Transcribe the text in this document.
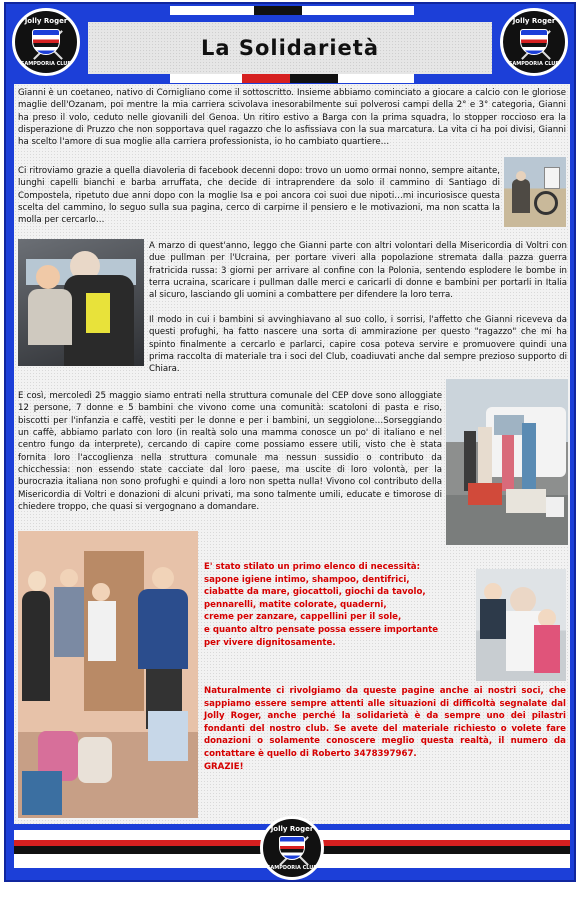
Jolly Roger
SAMPDORIA CLUB
Jolly Roger
SAMPDORIA CLUB
La Solidarietà
Gianni è un coetaneo, nativo di Cornigliano come il sottoscritto. Insieme abbiamo cominciato a giocare a calcio con le gloriose maglie dell'Ozanam, poi mentre la mia carriera scivolava inesorabilmente sui polverosi campi della 2° e 3° categoria, Gianni ha preso il volo, ceduto nelle giovanili del Genoa. Un ritiro estivo a Barga con la prima squadra, lo stopper roccioso era la disperazione di Pruzzo che non sopportava quel ragazzo che lo asfissiava con la sua marcatura. La vita ci ha poi divisi, Gianni ha scelto l'amore di sua moglie alla carriera professionista, io ho cambiato quartiere…
Ci ritroviamo grazie a quella diavoleria di facebook decenni dopo: trovo un uomo ormai nonno, sempre aitante, lunghi capelli bianchi e barba arruffata, che decide di intraprendere da solo il cammino di Santiago di Compostela, ripetuto due anni dopo con la moglie Isa e poi ancora coi suoi due nipoti…mi incuriosisce questa scelta del cammino, lo seguo sulla sua pagina, cerco di carpirne il pensiero e le motivazioni, ma non scatta la molla per cercarlo…
A marzo di quest'anno, leggo che Gianni parte con altri volontari della Misericordia di Voltri con due pullman per l'Ucraina, per portare viveri alla popolazione stremata dalla pazza guerra fratricida russa: 3 giorni per arrivare al confine con la Polonia, sentendo esplodere le bombe in terra ucraina, scaricare i pullman dalle merci e caricarli di donne e bambini per portarli in Italia al sicuro, lasciando gli uomini a combattere per difendere la loro terra.
Il modo in cui i bambini si avvinghiavano al suo collo, i sorrisi, l'affetto che Gianni riceveva da questi profughi, ha fatto nascere una sorta di ammirazione per questo "ragazzo" che mi ha spinto finalmente a cercarlo e parlarci, capire cosa poteva servire e promuovere quindi una prima raccolta di materiale tra i soci del Club, coadiuvati anche dal sempre prezioso supporto di Chiara.
E così, mercoledì 25 maggio siamo entrati nella struttura comunale del CEP dove sono alloggiate 12 persone, 7 donne e 5 bambini che vivono come una comunità: scatoloni di pasta e riso, biscotti per l'infanzia e caffè, vestiti per le donne e per i bambini, un seggiolone…Sorseggiando un caffè, abbiamo parlato con loro (in realtà solo una mamma conosce un po' di italiano e nel centro fungo da interprete), cercando di capire come possiamo essere utili, visto che è stata fornita loro l'accoglienza nella struttura comunale ma nessun sussidio o contributo da chicchessia: non essendo state cacciate dal loro paese, ma uscite di loro volontà, per la burocrazia italiana non sono profughi e quindi a loro non spetta nulla! Vivono col contributo della Misericordia di Voltri e donazioni di alcuni privati, ma sono talmente umili, educate e timorose di chiedere troppo, che quasi si vergognano a domandare.
E' stato stilato un primo elenco di necessità:
sapone igiene intimo, shampoo, dentifrici,
ciabatte da mare, giocattoli, giochi da tavolo,
pennarelli, matite colorate, quaderni,
creme per zanzare, cappellini per il sole,
e quanto altro pensate possa essere importante
per vivere dignitosamente.
Naturalmente ci rivolgiamo da queste pagine anche ai nostri soci, che sappiamo essere sempre attenti alle situazioni di difficoltà segnalate dal Jolly Roger, anche perché la solidarietà è da sempre uno dei pilastri fondanti del nostro club. Se avete del materiale richiesto o volete fare donazioni o solamente conoscere meglio questa realtà, il numero da contattare è quello di Roberto 3478397967.
GRAZIE!
Jolly Roger
SAMPDORIA CLUB
